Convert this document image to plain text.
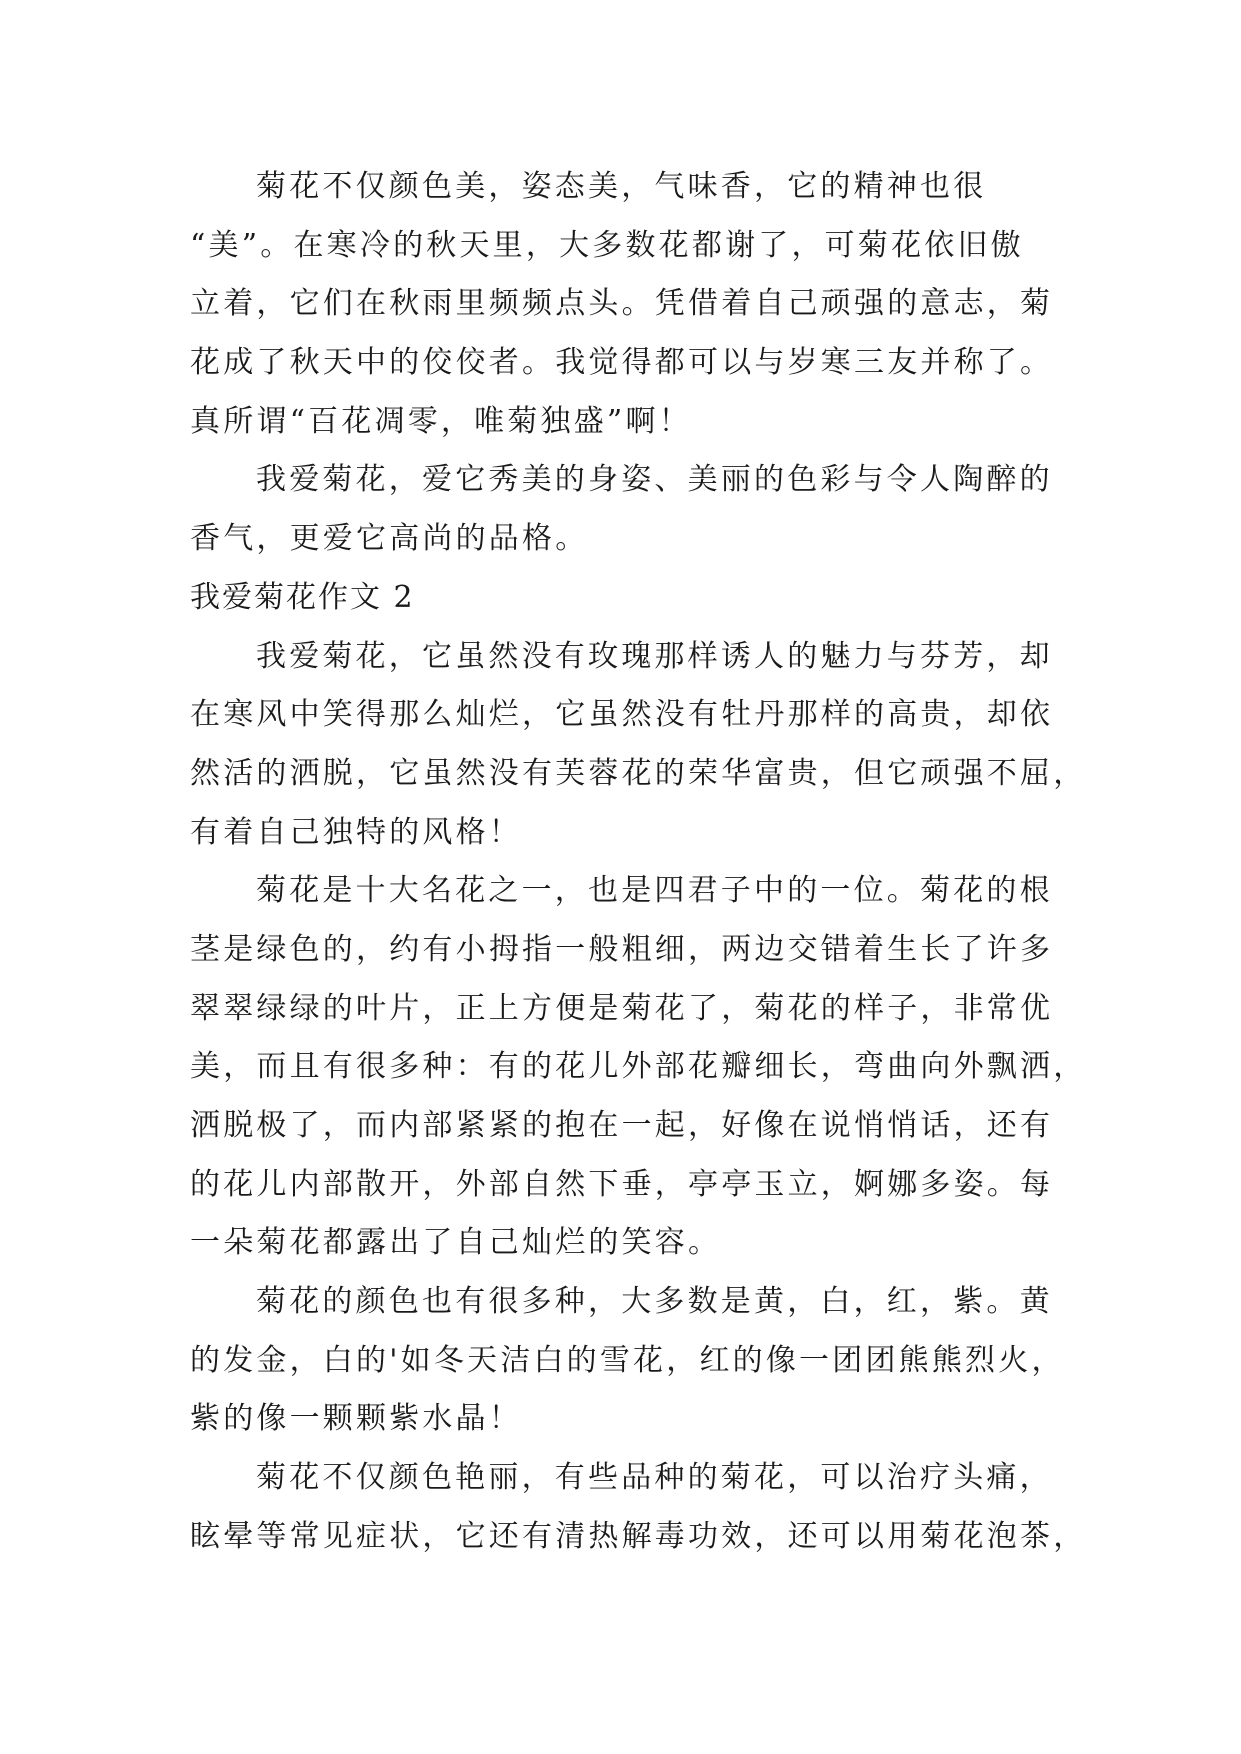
菊花不仅颜色美，姿态美，气味香，它的精神也很
“美”。在寒冷的秋天里，大多数花都谢了，可菊花依旧傲
立着，它们在秋雨里频频点头。凭借着自己顽强的意志，菊
花成了秋天中的佼佼者。我觉得都可以与岁寒三友并称了。
真所谓“百花凋零，唯菊独盛”啊！
我爱菊花，爱它秀美的身姿、美丽的色彩与令人陶醉的
香气，更爱它高尚的品格。
我爱菊花作文 2
我爱菊花，它虽然没有玫瑰那样诱人的魅力与芬芳，却
在寒风中笑得那么灿烂，它虽然没有牡丹那样的高贵，却依
然活的洒脱，它虽然没有芙蓉花的荣华富贵，但它顽强不屈，
有着自己独特的风格！
菊花是十大名花之一，也是四君子中的一位。菊花的根
茎是绿色的，约有小拇指一般粗细，两边交错着生长了许多
翠翠绿绿的叶片，正上方便是菊花了，菊花的样子，非常优
美，而且有很多种：有的花儿外部花瓣细长，弯曲向外飘洒，
洒脱极了，而内部紧紧的抱在一起，好像在说悄悄话，还有
的花儿内部散开，外部自然下垂，亭亭玉立，婀娜多姿。每
一朵菊花都露出了自己灿烂的笑容。
菊花的颜色也有很多种，大多数是黄，白，红，紫。黄
的发金，白的'如冬天洁白的雪花，红的像一团团熊熊烈火，
紫的像一颗颗紫水晶！
菊花不仅颜色艳丽，有些品种的菊花，可以治疗头痛，
眩晕等常见症状，它还有清热解毒功效，还可以用菊花泡茶，
